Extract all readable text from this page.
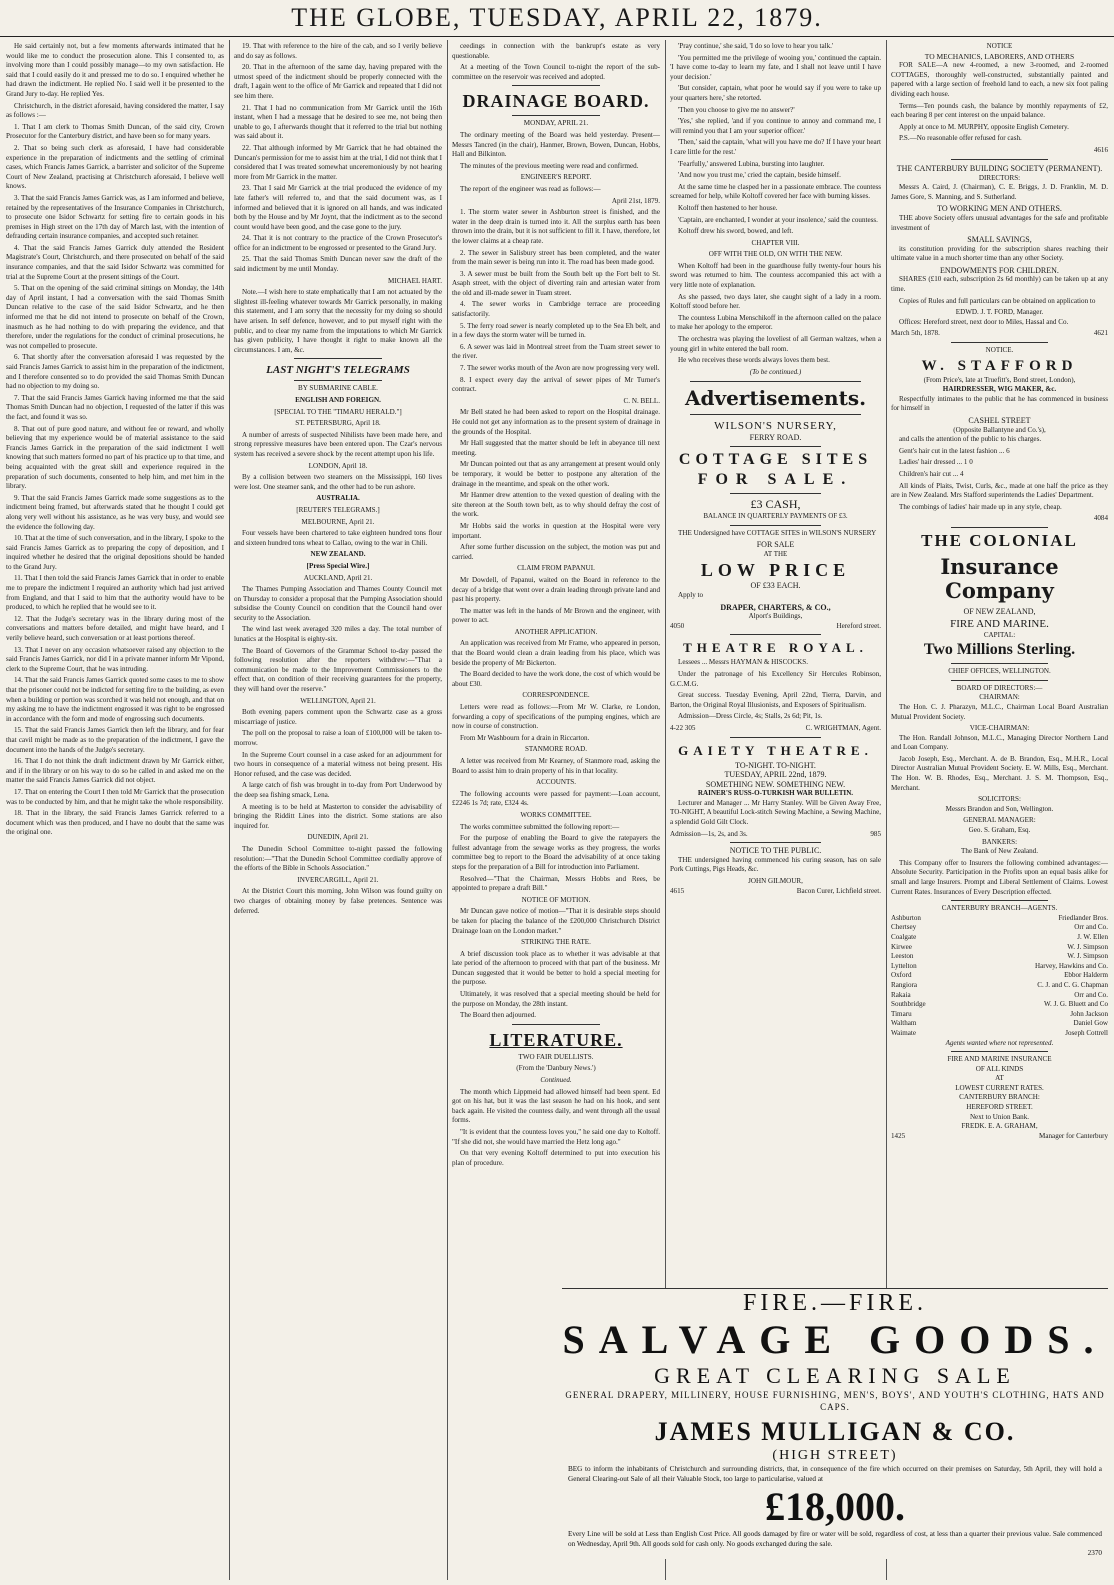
THE GLOBE, TUESDAY, APRIL 22, 1879.

He said certainly not, but a few moments afterwards intimated that he would like me to conduct the prosecution alone. This I consented to, as involving more than I could possibly manage—to my own satisfaction. He said that I could easily do it and pressed me to do so. I enquired whether he had drawn the indictment. He replied No. I said well it be presented to the Grand Jury to-day. He replied Yes.

Christchurch, in the district aforesaid, having considered the matter, I say as follows :—

1. That I am clerk to Thomas Smith Duncan, of the said city, Crown Prosecutor for the Canterbury district, and have been so for many years.

2. That so being such clerk as aforesaid, I have had considerable experience in the preparation of indictments and the settling of criminal cases, which Francis James Garrick, a barrister and solicitor of the Supreme Court of New Zealand, practising at Christchurch aforesaid, I believe well knows.

3. That the said Francis James Garrick was, as I am informed and believe, retained by the representatives of the Insurance Companies in Christchurch, to prosecute one Isidor Schwartz for setting fire to certain goods in his premises in High street on the 17th day of March last, with the intention of defrauding certain insurance companies, and accepted such retainer.

4. That the said Francis James Garrick duly attended the Resident Magistrate's Court, Christchurch, and there prosecuted on behalf of the said insurance companies, and that the said Isidor Schwartz was committed for trial at the Supreme Court at the present sittings of the Court.

5. That on the opening of the said criminal sittings on Monday, the 14th day of April instant, I had a conversation with the said Thomas Smith Duncan relative to the case of the said Isidor Schwartz, and he then informed me that he did not intend to prosecute on behalf of the Crown, inasmuch as he had nothing to do with preparing the evidence, and that therefore, under the regulations for the conduct of criminal prosecutions, he was not compelled to prosecute.

6. That shortly after the conversation aforesaid I was requested by the said Francis James Garrick to assist him in the preparation of the indictment, and I therefore consented so to do provided the said Thomas Smith Duncan had no objection to my doing so.

7. That the said Francis James Garrick having informed me that the said Thomas Smith Duncan had no objection, I requested of the latter if this was the fact, and found it was so.

8. That out of pure good nature, and without fee or reward, and wholly believing that my experience would be of material assistance to the said Francis James Garrick in the preparation of the said indictment I well knowing that such matters formed no part of his practice up to that time, and being acquainted with the great skill and experience required in the preparation of such documents, consented to help him, and met him in the library.

9. That the said Francis James Garrick made some suggestions as to the indictment being framed, but afterwards stated that he thought I could get along very well without his assistance, as he was very busy, and would see the evidence the following day.

10. That at the time of such conversation, and in the library, I spoke to the said Francis James Garrick as to preparing the copy of deposition, and I inquired whether he desired that the original depositions should be handed to the Grand Jury.

11. That I then told the said Francis James Garrick that in order to enable me to prepare the indictment I required an authority which had just arrived from England, and that I said to him that the authority would have to be produced, to which he replied that he would see to it.

12. That the Judge's secretary was in the library during most of the conversations and matters before detailed, and might have heard, and I verily believe heard, such conversation or at least portions thereof.

13. That I never on any occasion whatsoever raised any objection to the said Francis James Garrick, nor did I in a private manner inform Mr Vipond, clerk to the Supreme Court, that he was intruding.

14. That the said Francis James Garrick quoted some cases to me to show that the prisoner could not be indicted for setting fire to the building, as even when a building or portion was scorched it was held not enough, and that on my asking me to have the indictment engrossed it was right to be engrossed in accordance with the form and mode of engrossing such documents.

15. That the said Francis James Garrick then left the library, and for fear that cavil might be made as to the preparation of the indictment, I gave the document into the hands of the Judge's secretary.

16. That I do not think the draft indictment drawn by Mr Garrick either, and if in the library or on his way to do so he called in and asked me on the matter the said Francis James Garrick did not object.

17. That on entering the Court I then told Mr Garrick that the prosecution was to be conducted by him, and that he might take the whole responsibility.

18. That in the library, the said Francis James Garrick referred to a document which was then produced, and I have no doubt that the same was the original one.

19. That with reference to the hire of the cab, and so I verily believe and do say as follows.

20. That in the afternoon of the same day, having prepared with the utmost speed of the indictment should be properly connected with the draft, I again went to the office of Mr Garrick and repeated that I did not see him there.

21. That I had no communication from Mr Garrick until the 16th instant, when I had a message that he desired to see me, not being then unable to go, I afterwards thought that it referred to the trial but nothing was said about it.

22. That although informed by Mr Garrick that he had obtained the Duncan's permission for me to assist him at the trial, I did not think that I considered that I was treated somewhat unceremoniously by not hearing more from Mr Garrick in the matter.

23. That I said Mr Garrick at the trial produced the evidence of my late father's will referred to, and that the said document was, as I informed and believed that it is ignored on all hands, and was indicated both by the House and by Mr Joynt, that the indictment as to the second count would have been good, and the case gone to the jury.

24. That it is not contrary to the practice of the Crown Prosecutor's office for an indictment to be engrossed or presented to the Grand Jury.

25. That the said Thomas Smith Duncan never saw the draft of the said indictment by me until Monday.

MICHAEL HART.

Note.—I wish here to state emphatically that I am not actuated by the slightest ill-feeling whatever towards Mr Garrick personally, in making this statement, and I am sorry that the necessity for my doing so should have arisen. In self defence, however, and to put myself right with the public, and to clear my name from the imputations to which Mr Garrick has given publicity, I have thought it right to make known all the circumstances. I am, &c.

LAST NIGHT'S TELEGRAMS

BY SUBMARINE CABLE.

ENGLISH AND FOREIGN.

[SPECIAL TO THE "TIMARU HERALD."]

ST. PETERSBURG, April 18.

A number of arrests of suspected Nihilists have been made here, and strong repressive measures have been entered upon. The Czar's nervous system has received a severe shock by the recent attempt upon his life.

LONDON, April 18.

By a collision between two steamers on the Mississippi, 160 lives were lost. One steamer sank, and the other had to be run ashore.

AUSTRALIA.

[REUTER'S TELEGRAMS.]

MELBOURNE, April 21.

Four vessels have been chartered to take eighteen hundred tons flour and sixteen hundred tons wheat to Callao, owing to the war in Chili.

NEW ZEALAND.

[Press Special Wire.]

AUCKLAND, April 21.

The Thames Pumping Association and Thames County Council met on Thursday to consider a proposal that the Pumping Association should subsidise the County Council on condition that the Council hand over security to the Association.

The wind last week averaged 320 miles a day. The total number of lunatics at the Hospital is eighty-six.

The Board of Governors of the Grammar School to-day passed the following resolution after the reporters withdrew:—"That a communication be made to the Improvement Commissioners to the effect that, on condition of their receiving guarantees for the property, they will hand over the reserve."

WELLINGTON, April 21.

Both evening papers comment upon the Schwartz case as a gross miscarriage of justice.

The poll on the proposal to raise a loan of £100,000 will be taken to-morrow.

In the Supreme Court counsel in a case asked for an adjournment for two hours in consequence of a material witness not being present. His Honor refused, and the case was decided.

A large catch of fish was brought in to-day from Port Underwood by the deep sea fishing smack, Lena.

A meeting is to be held at Masterton to consider the advisability of bringing the Ridditt Lines into the district. Some stations are also inquired for.

DUNEDIN, April 21.

The Dunedin School Committee to-night passed the following resolution:—"That the Dunedin School Committee cordially approve of the efforts of the Bible in Schools Association."

INVERCARGILL, April 21.

At the District Court this morning, John Wilson was found guilty on two charges of obtaining money by false pretences. Sentence was deferred.

ceedings in connection with the bankrupt's estate as very questionable.

At a meeting of the Town Council to-night the report of the sub-committee on the reservoir was received and adopted.

DRAINAGE BOARD.

MONDAY, APRIL 21.

The ordinary meeting of the Board was held yesterday. Present—Messrs Tancred (in the chair), Hanmer, Brown, Bowen, Duncan, Hobbs, Hall and Bilkinton.

The minutes of the previous meeting were read and confirmed.

ENGINEER'S REPORT.

The report of the engineer was read as follows:—

April 21st, 1879.

1. The storm water sewer in Ashburton street is finished, and the water in the deep drain is turned into it. All the surplus earth has been thrown into the drain, but it is not sufficient to fill it. I have, therefore, let the lower claims at a cheap rate.

2. The sewer in Salisbury street has been completed, and the water from the main sewer is being run into it. The road has been made good.

3. A sewer must be built from the South belt up the Fort belt to St. Asaph street, with the object of diverting rain and artesian water from the old and ill-made sewer in Tuam street.

4. The sewer works in Cambridge terrace are proceeding satisfactorily.

5. The ferry road sewer is nearly completed up to the Sea Eh belt, and in a few days the storm water will be turned in.

6. A sewer was laid in Montreal street from the Tuam street sewer to the river.

7. The sewer works mouth of the Avon are now progressing very well.

8. I expect every day the arrival of sewer pipes of Mr Turner's contract.

C. N. BELL.

Mr Bell stated he had been asked to report on the Hospital drainage. He could not get any information as to the present system of drainage in the grounds of the Hospital.

Mr Hall suggested that the matter should be left in abeyance till next meeting.

Mr Duncan pointed out that as any arrangement at present would only be temporary, it would be better to postpone any alteration of the drainage in the meantime, and speak on the other work.

Mr Hanmer drew attention to the vexed question of dealing with the site thereon at the South town belt, as to why should defray the cost of the work.

Mr Hobbs said the works in question at the Hospital were very important.

After some further discussion on the subject, the motion was put and carried.

CLAIM FROM PAPANUI.

Mr Dowdell, of Papanui, waited on the Board in reference to the decay of a bridge that went over a drain leading through private land and past his property.

The matter was left in the hands of Mr Brown and the engineer, with power to act.

ANOTHER APPLICATION.

An application was received from Mr Frame, who appeared in person, that the Board would clean a drain leading from his place, which was beside the property of Mr Bickerton.

The Board decided to have the work done, the cost of which would be about £30.

CORRESPONDENCE.

Letters were read as follows:—From Mr W. Clarke, re London, forwarding a copy of specifications of the pumping engines, which are now in course of construction.

From Mr Washbourn for a drain in Riccarton.

STANMORE ROAD.

A letter was received from Mr Kearney, of Stanmore road, asking the Board to assist him to drain property of his in that locality.

ACCOUNTS.

The following accounts were passed for payment:—Loan account, £2246 1s 7d; rate, £324 4s.

WORKS COMMITTEE.

The works committee submitted the following report:—

For the purpose of enabling the Board to give the ratepayers the fullest advantage from the sewage works as they progress, the works committee beg to report to the Board the advisability of at once taking steps for the preparation of a Bill for introduction into Parliament.

Resolved—"That the Chairman, Messrs Hobbs and Rees, be appointed to prepare a draft Bill."

NOTICE OF MOTION.

Mr Duncan gave notice of motion—"That it is desirable steps should be taken for placing the balance of the £200,000 Christchurch District Drainage loan on the London market."

STRIKING THE RATE.

A brief discussion took place as to whether it was advisable at that late period of the afternoon to proceed with that part of the business. Mr Duncan suggested that it would be better to hold a special meeting for the purpose.

Ultimately, it was resolved that a special meeting should be held for the purpose on Monday, the 28th instant.

The Board then adjourned.

LITERATURE.

TWO FAIR DUELLISTS.

(From the 'Danbury News.')

Continued.

The month which Lippmeid had allowed himself had been spent. Ed got on his hat, but it was the last season he had on his hook, and sent back again. He visited the countess daily, and went through all the usual forms.

"It is evident that the countess loves you," he said one day to Koltoff. "If she did not, she would have married the Hetz long ago."

On that very evening Koltoff determined to put into execution his plan of procedure.

'Pray continue,' she said, 'I do so love to hear you talk.'

'You permitted me the privilege of wooing you,' continued the captain. 'I have come to-day to learn my fate, and I shall not leave until I have your decision.'

'But consider, captain, what poor he would say if you were to take up your quarters here,' she retorted.

'Then you choose to give me no answer?'

'Yes,' she replied, 'and if you continue to annoy and command me, I will remind you that I am your superior officer.'

'Then,' said the captain, 'what will you have me do? If I have your heart I care little for the rest.'

'Fearfully,' answered Lubina, bursting into laughter.

'And now you trust me,' cried the captain, beside himself.

At the same time he clasped her in a passionate embrace. The countess screamed for help, while Koltoff covered her face with burning kisses.

Koltoff then hastened to her house.

'Captain, are enchanted, I wonder at your insolence,' said the countess.

Koltoff drew his sword, bowed, and left.

CHAPTER VIII.

OFF WITH THE OLD, ON WITH THE NEW.

When Koltoff had been in the guardhouse fully twenty-four hours his sword was returned to him. The countess accompanied this act with a very little note of explanation.

As she passed, two days later, she caught sight of a lady in a room. Koltoff stood before her.

The countess Lubina Menschikoff in the afternoon called on the palace to make her apology to the emperor.

The orchestra was playing the loveliest of all German waltzes, when a young girl in white entered the ball room.

He who receives these words always loves them best.

(To be continued.)

Advertisements.
WILSON'S NURSERY,
FERRY ROAD.
COTTAGE SITES
FOR SALE.
£3 CASH,
BALANCE IN QUARTERLY PAYMENTS OF £3.

THE Undersigned have COTTAGE SITES in WILSON'S NURSERY

FOR SALE
AT THE
LOW PRICE
OF £33 EACH.

Apply to

DRAPER, CHARTERS, & CO.,
Alport's Buildings,
4050	Hereford street.
THEATRE ROYAL.

Lessees ... Messrs HAYMAN & HISCOCKS.

Under the patronage of his Excellency Sir Hercules Robinson, G.C.M.G.

Great success. Tuesday Evening, April 22nd, Tierra, Darvin, and Barton, the Original Royal Illusionists, and Exposers of Spiritualism.

Admission—Dress Circle, 4s; Stalls, 2s 6d; Pit, 1s.

4-22 305	C. WRIGHTMAN, Agent.
GAIETY THEATRE.
TO-NIGHT. TO-NIGHT.
TUESDAY, APRIL 22nd, 1879.
SOMETHING NEW. SOMETHING NEW.
RAINER'S RUSS-O-TURKISH WAR BULLETIN.

Lecturer and Manager ... Mr Harry Stanley. Will be Given Away Free, TO-NIGHT, A beautiful Lock-stitch Sewing Machine, a Sewing Machine, a splendid Gold Gilt Clock.

Admission—1s, 2s, and 3s.	985
NOTICE TO THE PUBLIC.

THE undersigned having commenced his curing season, has on sale Pork Cuttings, Pigs Heads, &c.

JOHN GILMOUR,
4615	Bacon Curer, Lichfield street.
NOTICE
TO MECHANICS, LABORERS, AND OTHERS

FOR SALE—A new 4-roomed, a new 3-roomed, and 2-roomed COTTAGES, thoroughly well-constructed, substantially painted and papered with a large section of freehold land to each, a new six foot paling dividing each house.

Terms—Ten pounds cash, the balance by monthly repayments of £2, each bearing 8 per cent interest on the unpaid balance.

Apply at once to M. MURPHY, opposite English Cemetery.

P.S.—No reasonable offer refused for cash.

4616
THE CANTERBURY BUILDING SOCIETY (PERMANENT).
DIRECTORS:

Messrs A. Caird, J. (Chairman), C. E. Briggs, J. D. Franklin, M. D. James Gore, S. Manning, and S. Sutherland.

TO WORKING MEN AND OTHERS.

THE above Society offers unusual advantages for the safe and profitable investment of

SMALL SAVINGS,

its constitution providing for the subscription shares reaching their ultimate value in a much shorter time than any other Society.

ENDOWMENTS FOR CHILDREN.

SHARES (£10 each, subscription 2s 6d monthly) can be taken up at any time.

Copies of Rules and full particulars can be obtained on application to

EDWD. J. T. FORD, Manager.

Offices: Hereford street, next door to Miles, Hassal and Co.

March 5th, 1878.	4621
NOTICE.
W. STAFFORD
(From Price's, late at Truefitt's, Bond street, London),
HAIRDRESSER, WIG MAKER, &c.

Respectfully intimates to the public that he has commenced in business for himself in

CASHEL STREET
(Opposite Ballantyne and Co.'s),

and calls the attention of the public to his charges.

Gent's hair cut in the latest fashion ... 6

Ladies' hair dressed ... 1 0

Children's hair cut ... 4

All kinds of Plaits, Twist, Curls, &c., made at one half the price as they are in New Zealand. Mrs Stafford superintends the Ladies' Department.

The combings of ladies' hair made up in any style, cheap.

4084
THE COLONIAL
Insurance Company
OF NEW ZEALAND,
FIRE AND MARINE.
CAPITAL:
Two Millions Sterling.
CHIEF OFFICES, WELLINGTON.
BOARD OF DIRECTORS:—
CHAIRMAN:

The Hon. C. J. Pharazyn, M.L.C., Chairman Local Board Australian Mutual Provident Society.

VICE-CHAIRMAN:

The Hon. Randall Johnson, M.L.C., Managing Director Northern Land and Loan Company.

Jacob Joseph, Esq., Merchant. A. de B. Brandon, Esq., M.H.R., Local Director Australian Mutual Provident Society. E. W. Mills, Esq., Merchant. The Hon. W. B. Rhodes, Esq., Merchant. J. S. M. Thompson, Esq., Merchant.

SOLICITORS:

Messrs Brandon and Son, Wellington.

GENERAL MANAGER:

Geo. S. Graham, Esq.

BANKERS:

The Bank of New Zealand.

This Company offer to Insurers the following combined advantages:— Absolute Security. Participation in the Profits upon an equal basis alike for small and large Insurers. Prompt and Liberal Settlement of Claims. Lowest Current Rates. Insurances of Every Description effected.

CANTERBURY BRANCH—AGENTS.
Ashburton	Friedlander Bros.
Chertsey	Orr and Co.
Coalgate	J. W. Ellen
Kirwee	W. J. Simpson
Leeston	W. J. Simpson
Lyttelton	Harvey, Hawkins and Co.
Oxford	Ebbor Halderm
Rangiora	C. J. and C. G. Chapman
Rakaia	Orr and Co.
Southbridge	W. J. G. Bluett and Co
Timaru	John Jackson
Waltham	Daniel Gow
Waimate	Joseph Cottrell

Agents wanted where not represented.

FIRE AND MARINE INSURANCE
OF ALL KINDS
AT
LOWEST CURRENT RATES.
CANTERBURY BRANCH:
HEREFORD STREET.
Next to Union Bank.
FREDK. E. A. GRAHAM,
1425	Manager for Canterbury
FIRE.—FIRE.
SALVAGE GOODS.
GREAT CLEARING SALE
GENERAL DRAPERY, MILLINERY, HOUSE FURNISHING, MEN'S, BOYS', AND YOUTH'S CLOTHING, HATS AND CAPS.
JAMES MULLIGAN & CO.
(HIGH STREET)
BEG to inform the inhabitants of Christchurch and surrounding districts, that, in consequence of the fire which occurred on their premises on Saturday, 5th April, they will hold a General Clearing-out Sale of all their Valuable Stock, too large to particularise, valued at
£18,000.
Every Line will be sold at Less than English Cost Price. All goods damaged by fire or water will be sold, regardless of cost, at less than a quarter their previous value. Sale commenced on Wednesday, April 9th. All goods sold for cash only. No goods exchanged during the sale.
2370
